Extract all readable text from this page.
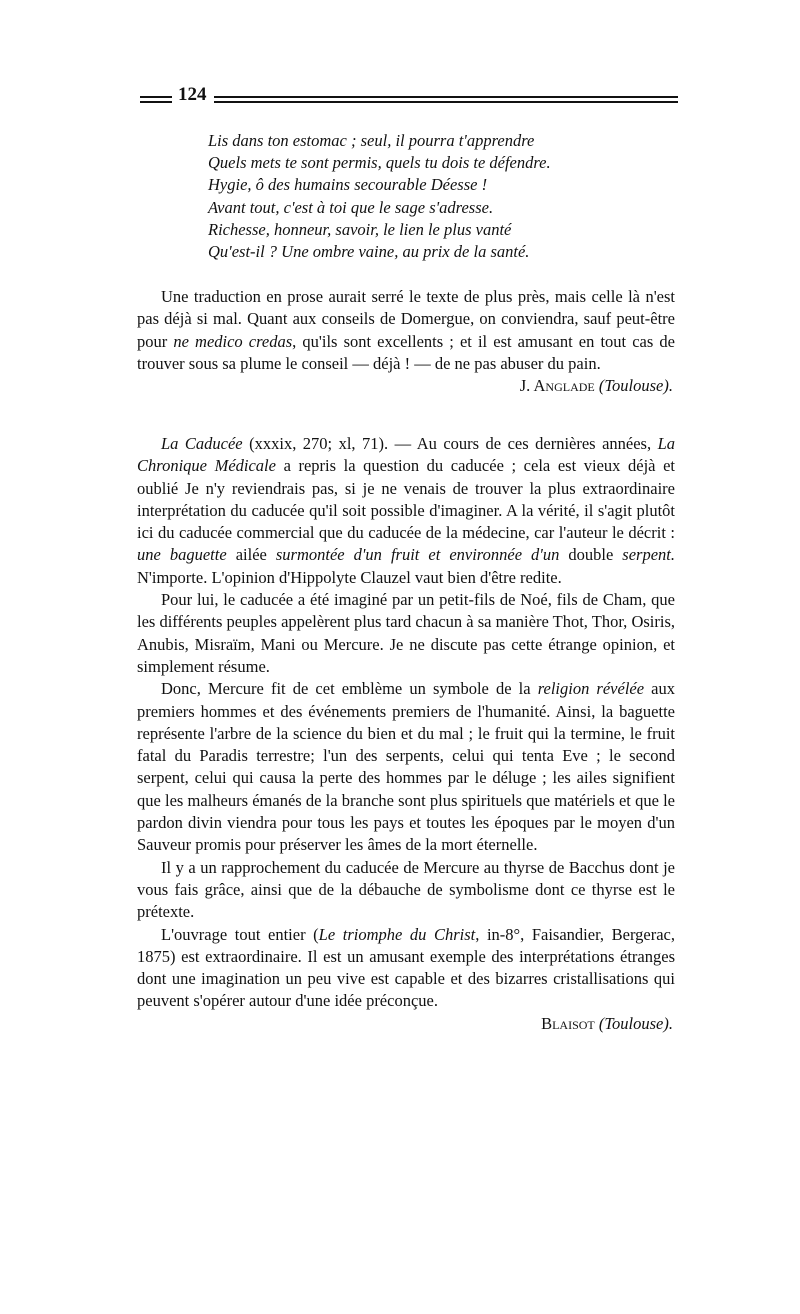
124
Lis dans ton estomac ; seul, il pourra t'apprendre
Quels mets te sont permis, quels tu dois te défendre.
Hygie, ô des humains secourable Déesse !
Avant tout, c'est à toi que le sage s'adresse.
Richesse, honneur, savoir, le lien le plus vanté
Qu'est-il ? Une ombre vaine, au prix de la santé.

Une traduction en prose aurait serré le texte de plus près, mais celle là n'est pas déjà si mal. Quant aux conseils de Domergue, on conviendra, sauf peut-être pour ne medico credas, qu'ils sont excellents ; et il est amusant en tout cas de trouver sous sa plume le conseil — déjà ! — de ne pas abuser du pain.

J. Anglade (Toulouse).

La Caducée (xxxix, 270; xl, 71). — Au cours de ces dernières années, La Chronique Médicale a repris la question du caducée ; cela est vieux déjà et oublié Je n'y reviendrais pas, si je ne venais de trouver la plus extraordinaire interprétation du caducée qu'il soit possible d'imaginer. A la vérité, il s'agit plutôt ici du caducée commercial que du caducée de la médecine, car l'auteur le décrit : une baguette ailée surmontée d'un fruit et environnée d'un double serpent. N'importe. L'opinion d'Hippolyte Clauzel vaut bien d'être redite.

Pour lui, le caducée a été imaginé par un petit-fils de Noé, fils de Cham, que les différents peuples appelèrent plus tard chacun à sa manière Thot, Thor, Osiris, Anubis, Misraïm, Mani ou Mercure. Je ne discute pas cette étrange opinion, et simplement résume.

Donc, Mercure fit de cet emblème un symbole de la religion révélée aux premiers hommes et des événements premiers de l'humanité. Ainsi, la baguette représente l'arbre de la science du bien et du mal ; le fruit qui la termine, le fruit fatal du Paradis terrestre; l'un des serpents, celui qui tenta Eve ; le second serpent, celui qui causa la perte des hommes par le déluge ; les ailes signifient que les malheurs émanés de la branche sont plus spirituels que matériels et que le pardon divin viendra pour tous les pays et toutes les époques par le moyen d'un Sauveur promis pour préserver les âmes de la mort éternelle.

Il y a un rapprochement du caducée de Mercure au thyrse de Bacchus dont je vous fais grâce, ainsi que de la débauche de symbolisme dont ce thyrse est le prétexte.

L'ouvrage tout entier (Le triomphe du Christ, in-8°, Faisandier, Bergerac, 1875) est extraordinaire. Il est un amusant exemple des interprétations étranges dont une imagination un peu vive est capable et des bizarres cristallisations qui peuvent s'opérer autour d'une idée préconçue.

Blaisot (Toulouse).
